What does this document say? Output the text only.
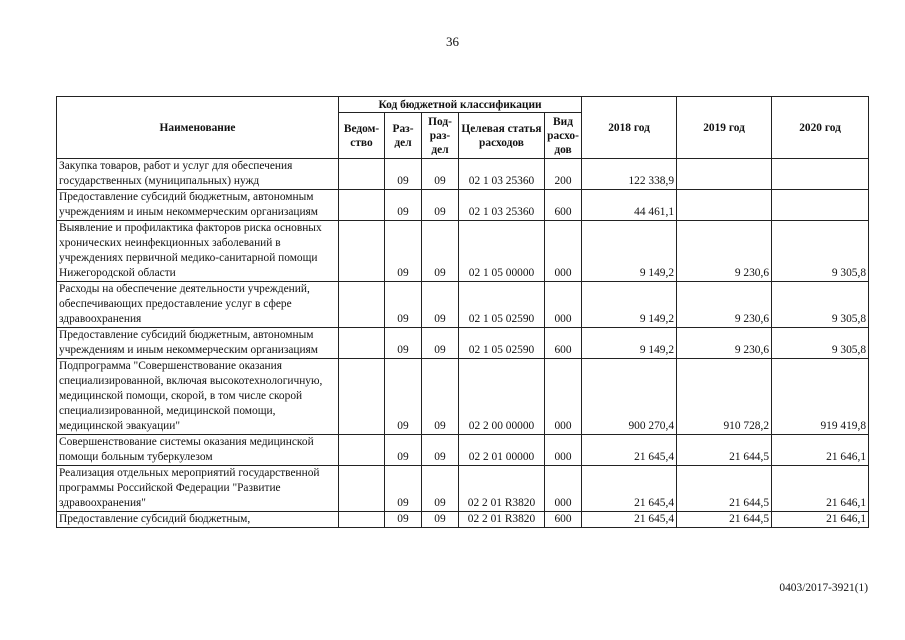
36
Наименование	Код бюджетной классификации					2018 год	2019 год	2020 год
	Ведом-ство	Раз-дел	Под-раз-дел	Целевая статья расходов	Вид расхо-дов			
Закупка товаров, работ и услуг для обеспечения государственных (муниципальных) нужд		09	09	02 1 03 25360	200	122 338,9		
Предоставление субсидий бюджетным, автономным учреждениям и иным некоммерческим организациям		09	09	02 1 03 25360	600	44 461,1		
Выявление и профилактика факторов риска основных хронических неинфекционных заболеваний в учреждениях первичной медико-санитарной помощи Нижегородской области		09	09	02 1 05 00000	000	9 149,2	9 230,6	9 305,8
Расходы на обеспечение деятельности учреждений, обеспечивающих предоставление услуг в сфере здравоохранения		09	09	02 1 05 02590	000	9 149,2	9 230,6	9 305,8
Предоставление субсидий бюджетным, автономным учреждениям и иным некоммерческим организациям		09	09	02 1 05 02590	600	9 149,2	9 230,6	9 305,8
Подпрограмма "Совершенствование оказания специализированной, включая высокотехнологичную, медицинской помощи, скорой, в том числе скорой специализированной, медицинской помощи, медицинской эвакуации"		09	09	02 2 00 00000	000	900 270,4	910 728,2	919 419,8
Совершенствование системы оказания медицинской помощи больным туберкулезом		09	09	02 2 01 00000	000	21 645,4	21 644,5	21 646,1
Реализация отдельных мероприятий государственной программы Российской Федерации "Развитие здравоохранения"		09	09	02 2 01 R3820	000	21 645,4	21 644,5	21 646,1
Предоставление субсидий бюджетным,		09	09	02 2 01 R3820	600	21 645,4	21 644,5	21 646,1
0403/2017-3921(1)
